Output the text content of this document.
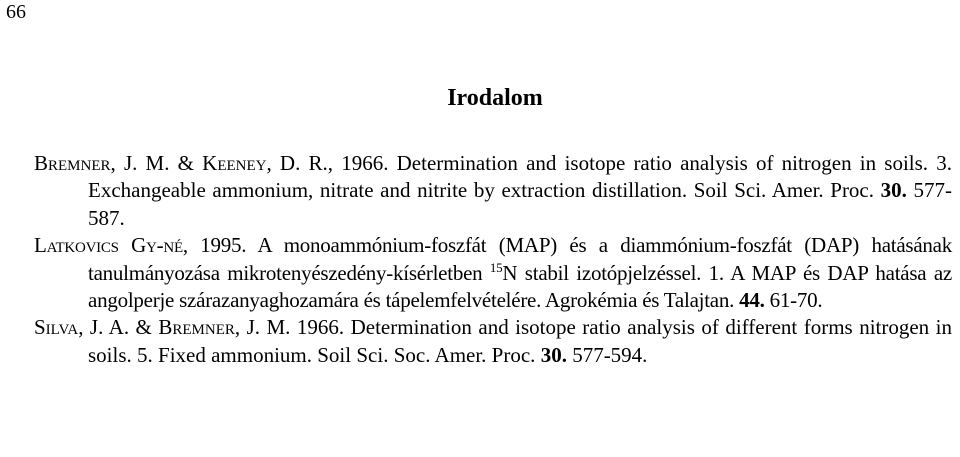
66
Irodalom
Bremner, J. M. & Keeney, D. R., 1966. Determination and isotope ratio analysis of nitrogen in soils. 3. Exchangeable ammonium, nitrate and nitrite by extraction distillation. Soil Sci. Amer. Proc. 30. 577-587.
Latkovics Gy-né, 1995. A monoammónium-foszfát (MAP) és a diammónium-foszfát (DAP) hatásának tanulmányozása mikrotenyészedény-kísérletben $^{15}$N stabil izotópjelzéssel. 1. A MAP és DAP hatása az angolperje szárazanyaghozamára és tápelemfelvételére. Agrokémia és Talajtan. 44. 61-70.
Silva, J. A. & Bremner, J. M. 1966. Determination and isotope ratio analysis of different forms nitrogen in soils. 5. Fixed ammonium. Soil Sci. Soc. Amer. Proc. 30. 577-594.
